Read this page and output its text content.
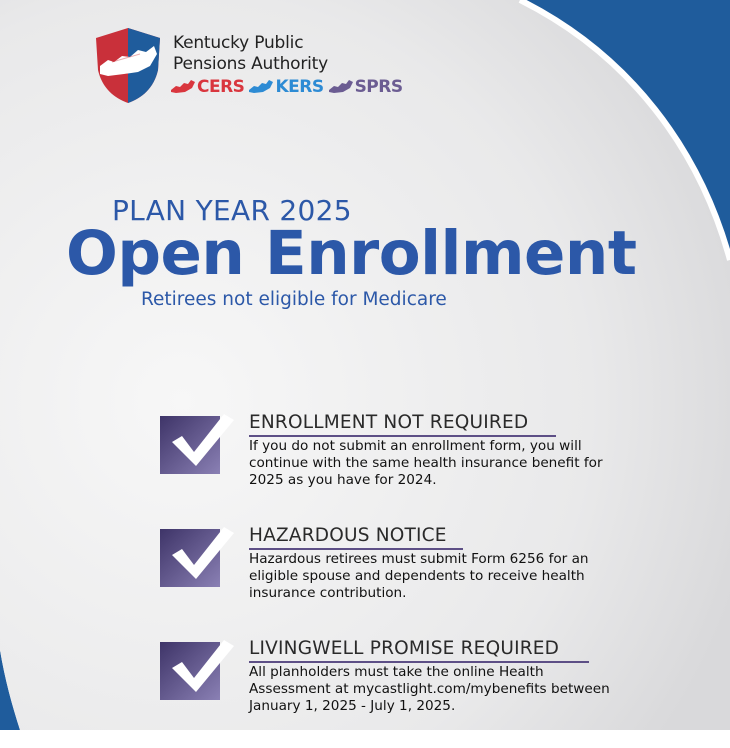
Kentucky Public
Pensions Authority
CERS KERS SPRS
PLAN YEAR 2025
Open Enrollment
Retirees not eligible for Medicare
ENROLLMENT NOT REQUIRED
If you do not submit an enrollment form, you will continue with the same health insurance benefit for 2025 as you have for 2024.
HAZARDOUS NOTICE
Hazardous retirees must submit Form 6256 for an eligible spouse and dependents to receive health insurance contribution.
LIVINGWELL PROMISE REQUIRED
All planholders must take the online Health Assessment at mycastlight.com/mybenefits between January 1, 2025 - July 1, 2025.
